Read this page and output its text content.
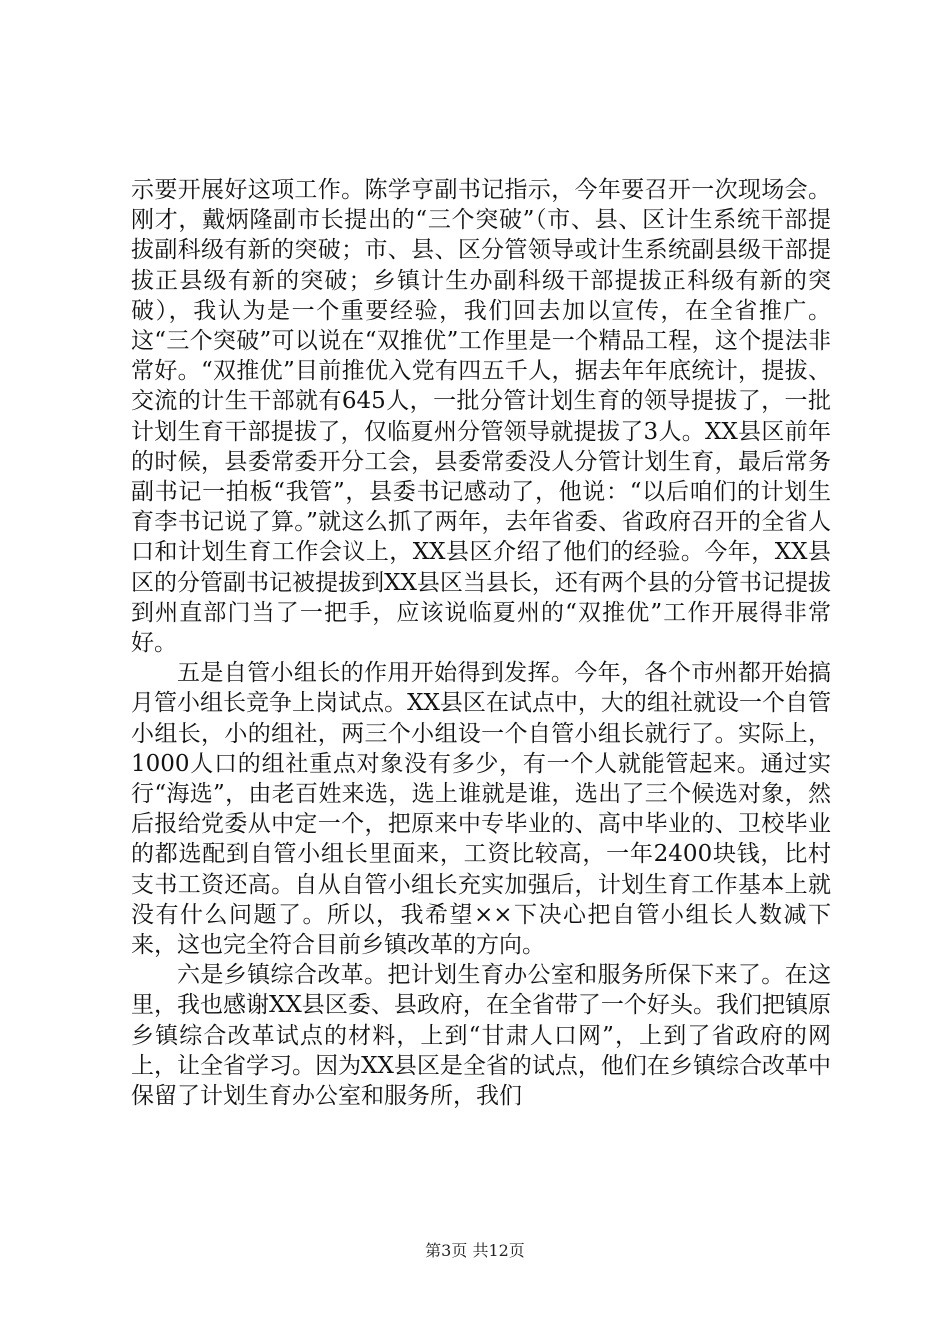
示要开展好这项工作。陈学亨副书记指示，今年要召开一次现场会。刚才，戴炳隆副市长提出的“三个突破”（市、县、区计生系统干部提拔副科级有新的突破；市、县、区分管领导或计生系统副县级干部提拔正县级有新的突破；乡镇计生办副科级干部提拔正科级有新的突破），我认为是一个重要经验，我们回去加以宣传，在全省推广。这“三个突破”可以说在“双推优”工作里是一个精品工程，这个提法非常好。“双推优”目前推优入党有四五千人，据去年年底统计，提拔、交流的计生干部就有645人，一批分管计划生育的领导提拔了，一批计划生育干部提拔了，仅临夏州分管领导就提拔了3人。XX县区前年的时候，县委常委开分工会，县委常委没人分管计划生育，最后常务副书记一拍板“我管”，县委书记感动了，他说：“以后咱们的计划生育李书记说了算。”就这么抓了两年，去年省委、省政府召开的全省人口和计划生育工作会议上，XX县区介绍了他们的经验。今年，XX县区的分管副书记被提拔到XX县区当县长，还有两个县的分管书记提拔到州直部门当了一把手，应该说临夏州的“双推优”工作开展得非常好。

五是自管小组长的作用开始得到发挥。今年，各个市州都开始搞月管小组长竞争上岗试点。XX县区在试点中，大的组社就设一个自管小组长，小的组社，两三个小组设一个自管小组长就行了。实际上，1000人口的组社重点对象没有多少，有一个人就能管起来。通过实行“海选”，由老百姓来选，选上谁就是谁，选出了三个候选对象，然后报给党委从中定一个，把原来中专毕业的、高中毕业的、卫校毕业的都选配到自管小组长里面来，工资比较高，一年2400块钱，比村支书工资还高。自从自管小组长充实加强后，计划生育工作基本上就没有什么问题了。所以，我希望××下决心把自管小组长人数减下来，这也完全符合目前乡镇改革的方向。

六是乡镇综合改革。把计划生育办公室和服务所保下来了。在这里，我也感谢XX县区委、县政府，在全省带了一个好头。我们把镇原乡镇综合改革试点的材料，上到“甘肃人口网”，上到了省政府的网上，让全省学习。因为XX县区是全省的试点，他们在乡镇综合改革中保留了计划生育办公室和服务所，我们

第3页 共12页
